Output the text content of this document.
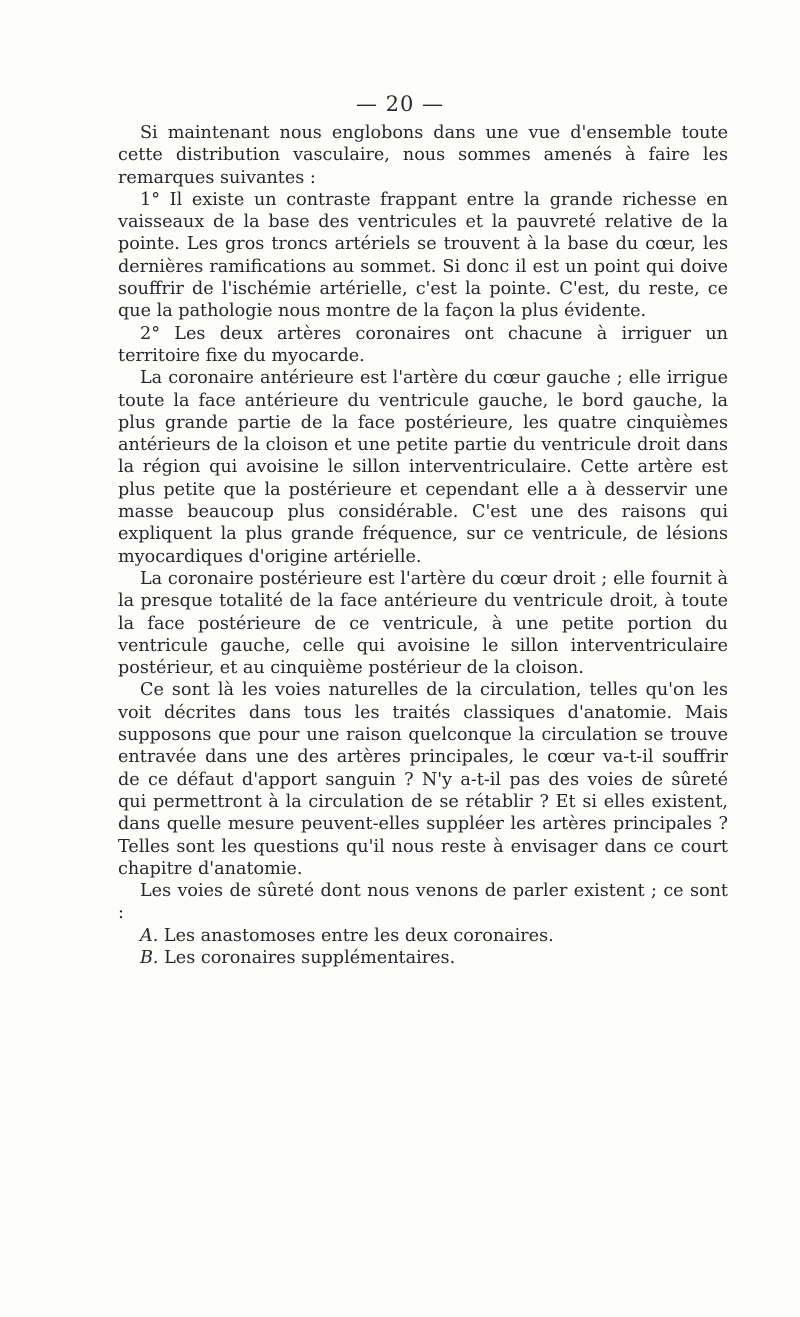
— 20 —

Si maintenant nous englobons dans une vue d'ensemble toute cette distribution vasculaire, nous sommes amenés à faire les remarques suivantes :

1° Il existe un contraste frappant entre la grande richesse en vaisseaux de la base des ventricules et la pauvreté relative de la pointe. Les gros troncs artériels se trouvent à la base du cœur, les dernières ramifications au sommet. Si donc il est un point qui doive souffrir de l'ischémie artérielle, c'est la pointe. C'est, du reste, ce que la pathologie nous montre de la façon la plus évidente.

2° Les deux artères coronaires ont chacune à irriguer un territoire fixe du myocarde.

La coronaire antérieure est l'artère du cœur gauche ; elle irrigue toute la face antérieure du ventricule gauche, le bord gauche, la plus grande partie de la face postérieure, les quatre cinquièmes antérieurs de la cloison et une petite partie du ventricule droit dans la région qui avoisine le sillon interventriculaire. Cette artère est plus petite que la postérieure et cependant elle a à desservir une masse beaucoup plus considérable. C'est une des raisons qui expliquent la plus grande fréquence, sur ce ventricule, de lésions myocardiques d'origine artérielle.

La coronaire postérieure est l'artère du cœur droit ; elle fournit à la presque totalité de la face antérieure du ventricule droit, à toute la face postérieure de ce ventricule, à une petite portion du ventricule gauche, celle qui avoisine le sillon interventriculaire postérieur, et au cinquième postérieur de la cloison.

Ce sont là les voies naturelles de la circulation, telles qu'on les voit décrites dans tous les traités classiques d'anatomie. Mais supposons que pour une raison quelconque la circulation se trouve entravée dans une des artères principales, le cœur va-t-il souffrir de ce défaut d'apport sanguin ? N'y a-t-il pas des voies de sûreté qui permettront à la circulation de se rétablir ? Et si elles existent, dans quelle mesure peuvent-elles suppléer les artères principales ? Telles sont les questions qu'il nous reste à envisager dans ce court chapitre d'anatomie.

Les voies de sûreté dont nous venons de parler existent ; ce sont :

A. Les anastomoses entre les deux coronaires.

B. Les coronaires supplémentaires.
